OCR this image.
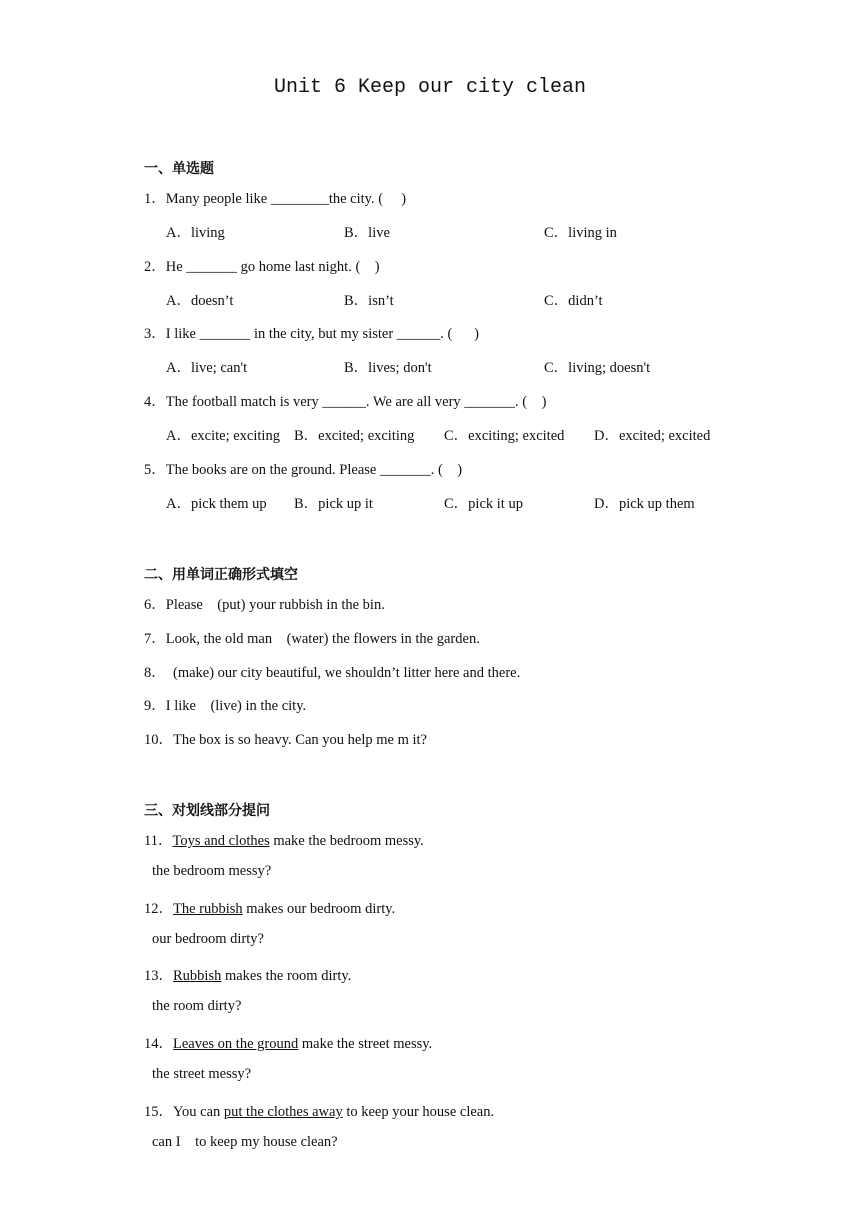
Unit 6 Keep our city clean
一、单选题
1．Many people like ________the city. (     )
A．living	B．live	C．living in
2．He _______ go home last night. (    )
A．doesn’t	B．isn’t	C．didn’t
3．I like _______ in the city, but my sister ______. (      )
A．live; can't	B．lives; don't	C．living; doesn't
4．The football match is very ______. We are all very _______. (    )
A．excite; exciting B．excited; exciting C．exciting; excited D．excited; excited
5．The books are on the ground. Please _______. (    )
A．pick them up B．pick up it	C．pick it up	D．pick up them
二、用单词正确形式填空
6．Please    (put) your rubbish in the bin.
7．Look, the old man    (water) the flowers in the garden.
8．  (make) our city beautiful, we shouldn’t litter here and there.
9．I like    (live) in the city.
10．The box is so heavy. Can you help me m it?
三、对划线部分提问
11．Toys and clothes make the bedroom messy.
the bedroom messy?
12．The rubbish makes our bedroom dirty.
our bedroom dirty?
13．Rubbish makes the room dirty.
the room dirty?
14．Leaves on the ground make the street messy.
the street messy?
15．You can put the clothes away to keep your house clean.
can I    to keep my house clean?
